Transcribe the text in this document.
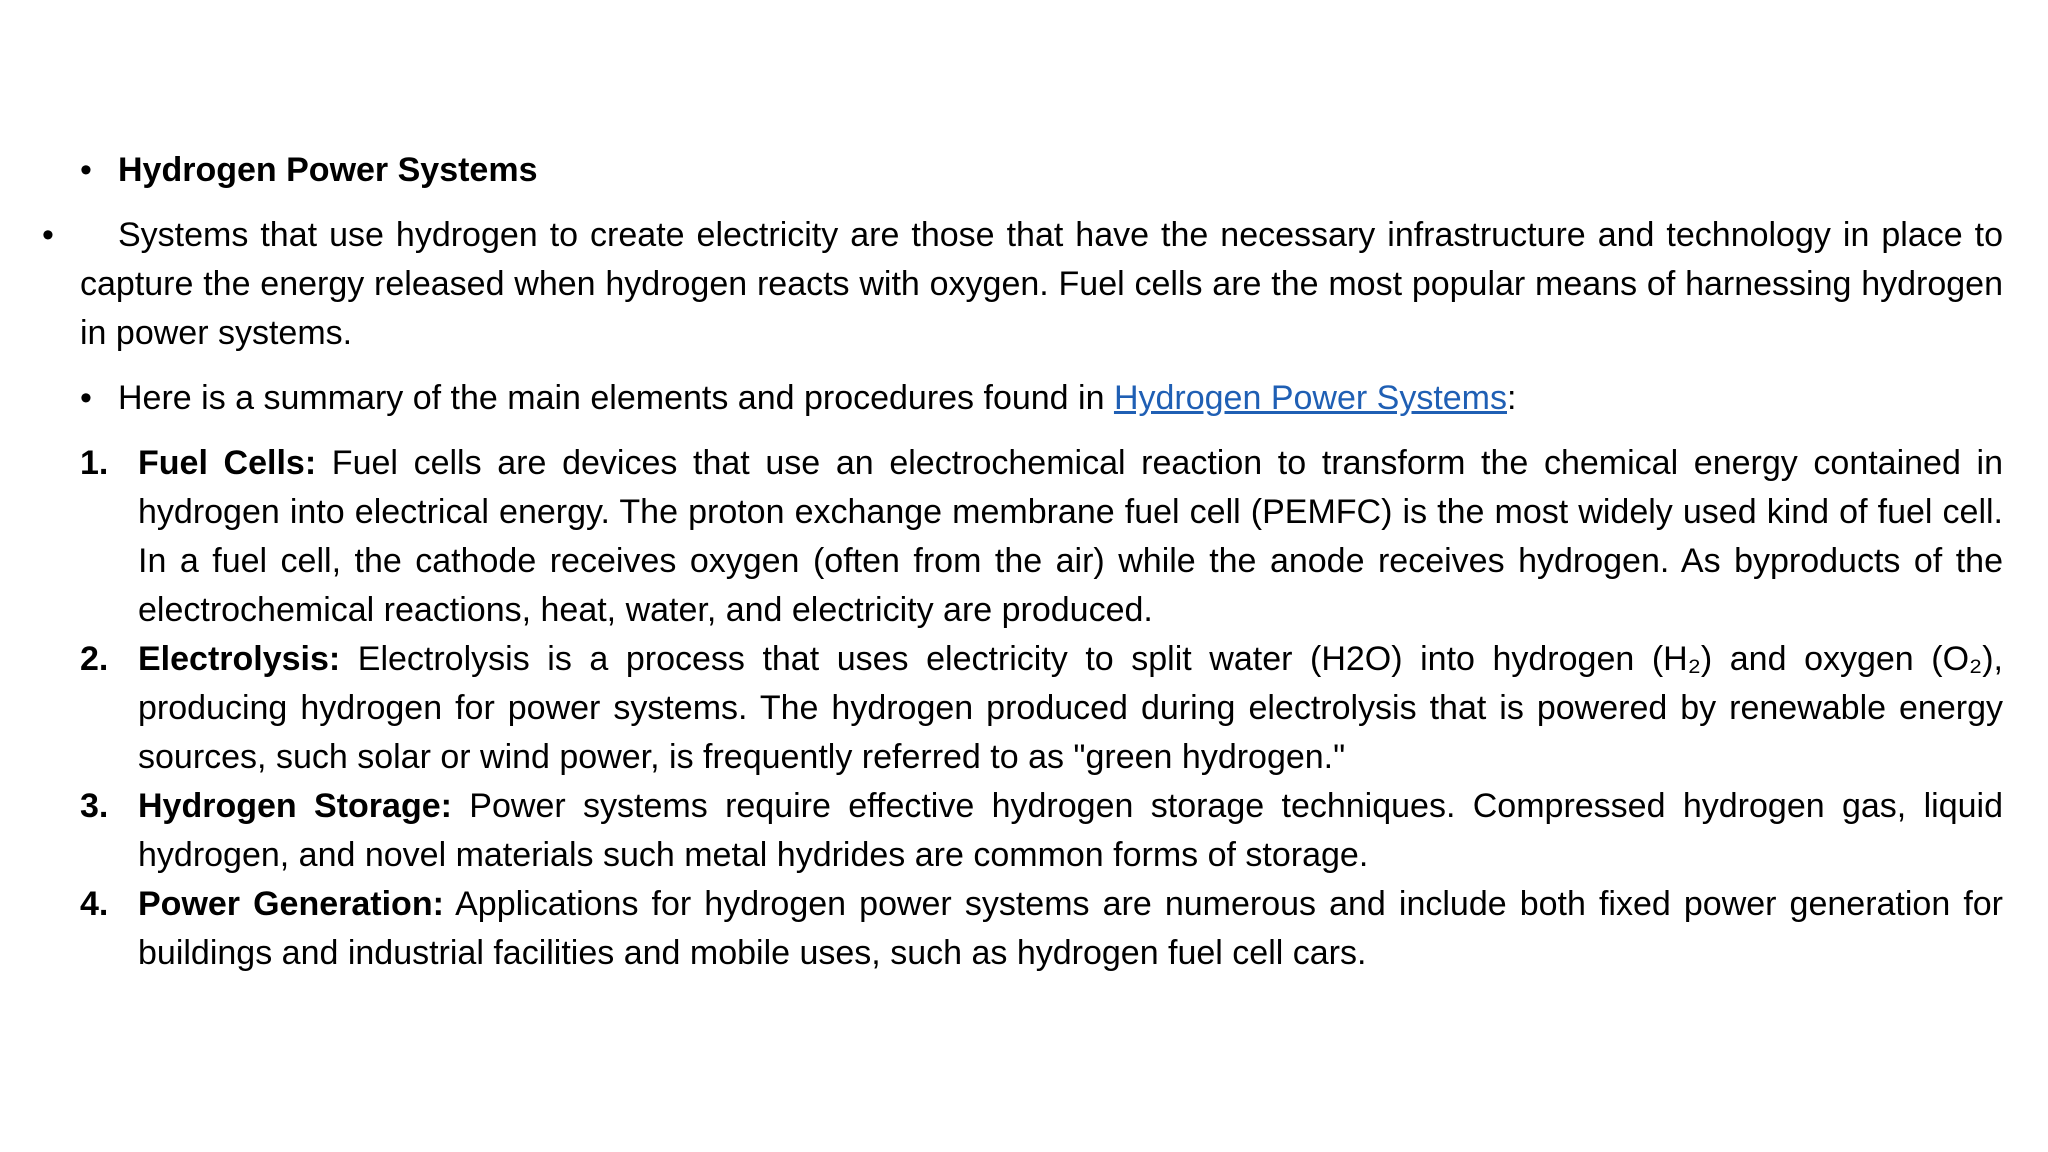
• Hydrogen Power Systems
•	Systems that use hydrogen to create electricity are those that have the necessary infrastructure and technology in place to capture the energy released when hydrogen reacts with oxygen. Fuel cells are the most popular means of harnessing hydrogen in power systems.
• Here is a summary of the main elements and procedures found in Hydrogen Power Systems:
1. Fuel Cells: Fuel cells are devices that use an electrochemical reaction to transform the chemical energy contained in hydrogen into electrical energy. The proton exchange membrane fuel cell (PEMFC) is the most widely used kind of fuel cell. In a fuel cell, the cathode receives oxygen (often from the air) while the anode receives hydrogen. As byproducts of the electrochemical reactions, heat, water, and electricity are produced.
2. Electrolysis: Electrolysis is a process that uses electricity to split water (H2O) into hydrogen (H₂) and oxygen (O₂), producing hydrogen for power systems. The hydrogen produced during electrolysis that is powered by renewable energy sources, such solar or wind power, is frequently referred to as "green hydrogen."
3. Hydrogen Storage: Power systems require effective hydrogen storage techniques. Compressed hydrogen gas, liquid hydrogen, and novel materials such metal hydrides are common forms of storage.
4. Power Generation: Applications for hydrogen power systems are numerous and include both fixed power generation for buildings and industrial facilities and mobile uses, such as hydrogen fuel cell cars.
